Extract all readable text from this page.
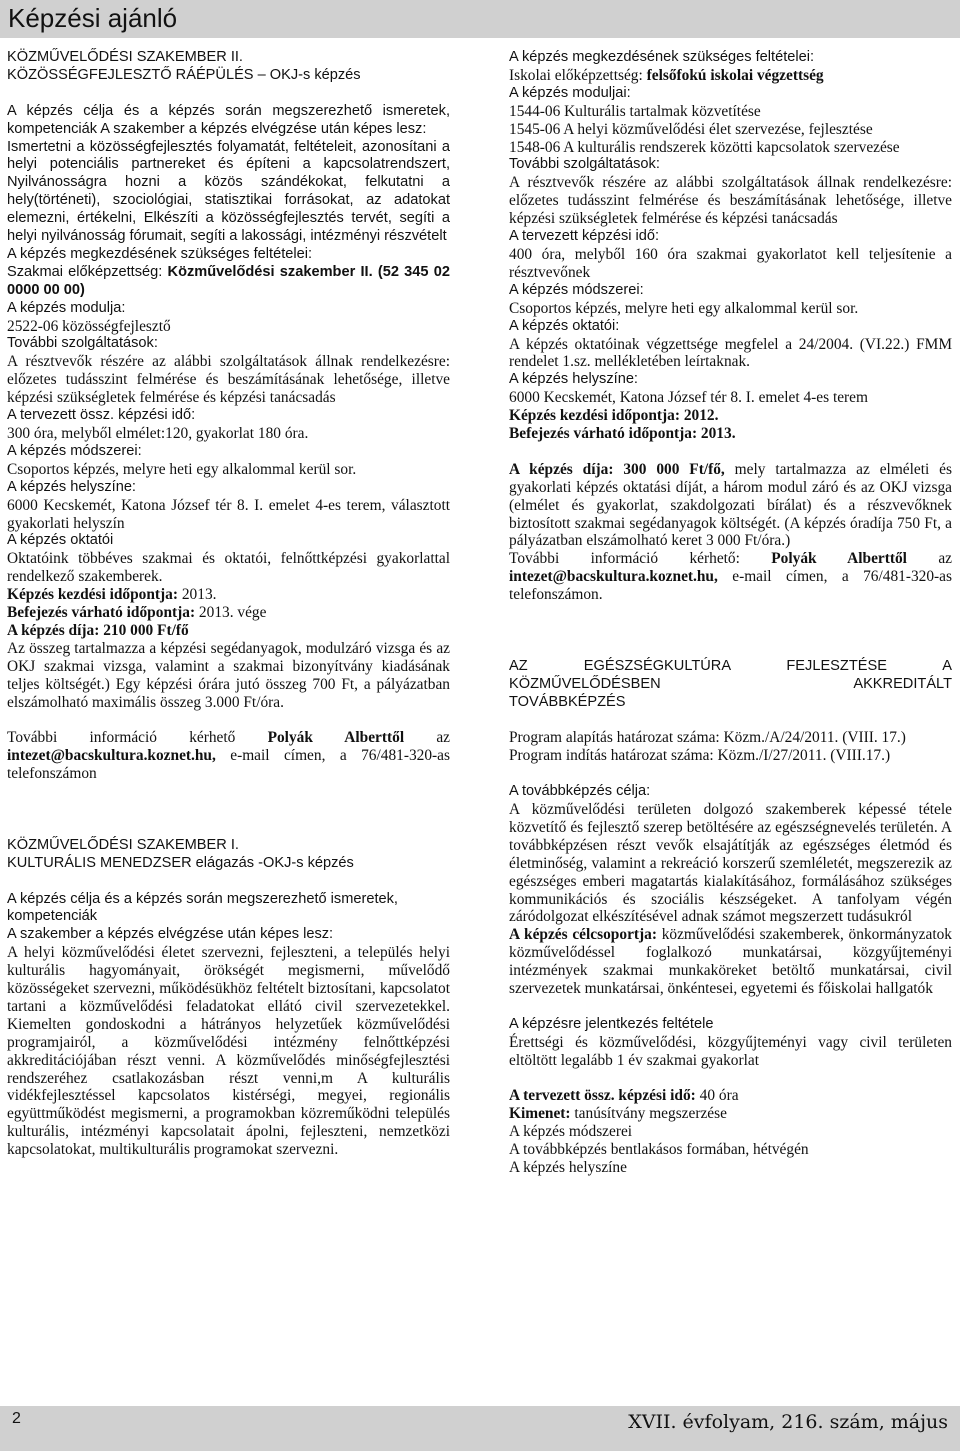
Képzési ajánló

KÖZMŰVELŐDÉSI SZAKEMBER II.

KÖZÖSSÉGFEJLESZTŐ RÁÉPÜLÉS – OKJ-s képzés

A képzés célja és a képzés során megszerezhető ismeretek, kompetenciák A szakember a képzés elvégzése után képes lesz:

Ismertetni a közösségfejlesztés folyamatát, feltételeit, azonosítani a helyi potenciális partnereket és építeni a kapcsolatrendszert, Nyilvánosságra hozni a közös szándékokat, felkutatni a hely(történeti), szociológiai, statisztikai forrásokat, az adatokat elemezni, értékelni, Elkészíti a közösségfejlesztés tervét, segíti a helyi nyilvánosság fórumait, segíti a lakossági, intézményi részvételt

A képzés megkezdésének szükséges feltételei:

Szakmai előképzettség: Közművelődési szakember II. (52 345 02 0000 00 00)

A képzés modulja:

2522-06 közösségfejlesztő

További szolgáltatások:

A résztvevők részére az alábbi szolgáltatások állnak rendelkezésre: előzetes tudásszint felmérése és beszámításának lehetősége, illetve képzési szükségletek felmérése és képzési tanácsadás

A tervezett össz. képzési idő:

300 óra, melyből elmélet:120, gyakorlat 180 óra.

A képzés módszerei:

Csoportos képzés, melyre heti egy alkalommal kerül sor.

A képzés helyszíne:

6000 Kecskemét, Katona József tér 8. I. emelet 4-es terem, választott gyakorlati helyszín

A képzés oktatói

Oktatóink többéves szakmai és oktatói, felnőttképzési gyakorlattal rendelkező szakemberek.

Képzés kezdési időpontja: 2013.

Befejezés várható időpontja: 2013. vége

A képzés díja: 210 000 Ft/fő

Az összeg tartalmazza a képzési segédanyagok, modulzáró vizsga és az OKJ szakmai vizsga, valamint a szakmai bizonyítvány kiadásának teljes költségét.) Egy képzési órára jutó összeg 700 Ft, a pályázatban elszámolható maximális összeg 3.000 Ft/óra.

További információ kérhető Polyák Alberttől az intezet@bacskultura.koznet.hu, e-mail címen, a 76/481-320-as telefonszámon

KÖZMŰVELŐDÉSI SZAKEMBER I.

KULTURÁLIS MENEDZSER elágazás -OKJ-s képzés

A képzés célja és a képzés során megszerezhető ismeretek, kompetenciák

A szakember a képzés elvégzése után képes lesz:

A helyi közművelődési életet szervezni, fejleszteni, a település helyi kulturális hagyományait, örökségét megismerni, művelődő közösségeket szervezni, működésükhöz feltételt biztosítani, kapcsolatot tartani a közművelődési feladatokat ellátó civil szervezetekkel. Kiemelten gondoskodni a hátrányos helyzetűek közművelődési programjairól, a közművelődési intézmény felnőttképzési akkreditációjában részt venni. A közművelődés minőségfejlesztési rendszeréhez csatlakozásban részt venni,m A kulturális vidékfejlesztéssel kapcsolatos kistérségi, megyei, regionális együttműködést megismerni, a programokban közreműködni település kulturális, intézményi kapcsolatait ápolni, fejleszteni, nemzetközi kapcsolatokat, multikulturális programokat szervezni.

A képzés megkezdésének szükséges feltételei:

Iskolai előképzettség: felsőfokú iskolai végzettség

A képzés moduljai:

1544-06 Kulturális tartalmak közvetítése

1545-06 A helyi közművelődési élet szervezése, fejlesztése

1548-06 A kulturális rendszerek közötti kapcsolatok szervezése

További szolgáltatások:

A résztvevők részére az alábbi szolgáltatások állnak rendelkezésre: előzetes tudásszint felmérése és beszámításának lehetősége, illetve képzési szükségletek felmérése és képzési tanácsadás

A tervezett képzési idő:

400 óra, melyből 160 óra szakmai gyakorlatot kell teljesítenie a résztvevőnek

A képzés módszerei:

Csoportos képzés, melyre heti egy alkalommal kerül sor.

A képzés oktatói:

A képzés oktatóinak végzettsége megfelel a 24/2004. (VI.22.) FMM rendelet 1.sz. mellékletében leírtaknak.

A képzés helyszíne:

6000 Kecskemét, Katona József tér 8. I. emelet 4-es terem

Képzés kezdési időpontja: 2012.

Befejezés várható időpontja: 2013.

A képzés díja: 300 000 Ft/fő, mely tartalmazza az elméleti és gyakorlati képzés oktatási díját, a három modul záró és az OKJ vizsga (elmélet és gyakorlat, szakdolgozati bírálat) és a részvevőknek biztosított szakmai segédanyagok költségét. (A képzés óradíja 750 Ft, a pályázatban elszámolható keret 3 000 Ft/óra.)

További információ kérhető: Polyák Alberttől az intezet@bacskultura.koznet.hu, e-mail címen, a 76/481-320-as telefonszámon.

AZ EGÉSZSÉGKULTÚRA FEJLESZTÉSE A

KÖZMŰVELŐDÉSBEN AKKREDITÁLT

TOVÁBBKÉPZÉS

Program alapítás határozat száma: Közm./A/24/2011. (VIII. 17.)

Program indítás határozat száma: Közm./I/27/2011. (VIII.17.)

A továbbképzés célja:

A közművelődési területen dolgozó szakemberek képessé tétele közvetítő és fejlesztő szerep betöltésére az egészségnevelés területén. A továbbképzésen részt vevők elsajátítják az egészséges életmód és életminőség, valamint a rekreáció korszerű szemléletét, megszerezik az egészséges emberi magatartás kialakításához, formálásához szükséges kommunikációs és szociális készségeket. A tanfolyam végén záródolgozat elkészítésével adnak számot megszerzett tudásukról

A képzés célcsoportja: közművelődési szakemberek, önkormányzatok közművelődéssel foglalkozó munkatársai, közgyűjteményi intézmények szakmai munkaköreket betöltő munkatársai, civil szervezetek munkatársai, önkéntesei, egyetemi és főiskolai hallgatók

A képzésre jelentkezés feltétele

Érettségi és közművelődési, közgyűjteményi vagy civil területen eltöltött legalább 1 év szakmai gyakorlat

A tervezett össz. képzési idő: 40 óra

Kimenet: tanúsítvány megszerzése

A képzés módszerei

A továbbképzés bentlakásos formában, hétvégén

A képzés helyszíne

2	XVII. évfolyam, 216. szám, május
